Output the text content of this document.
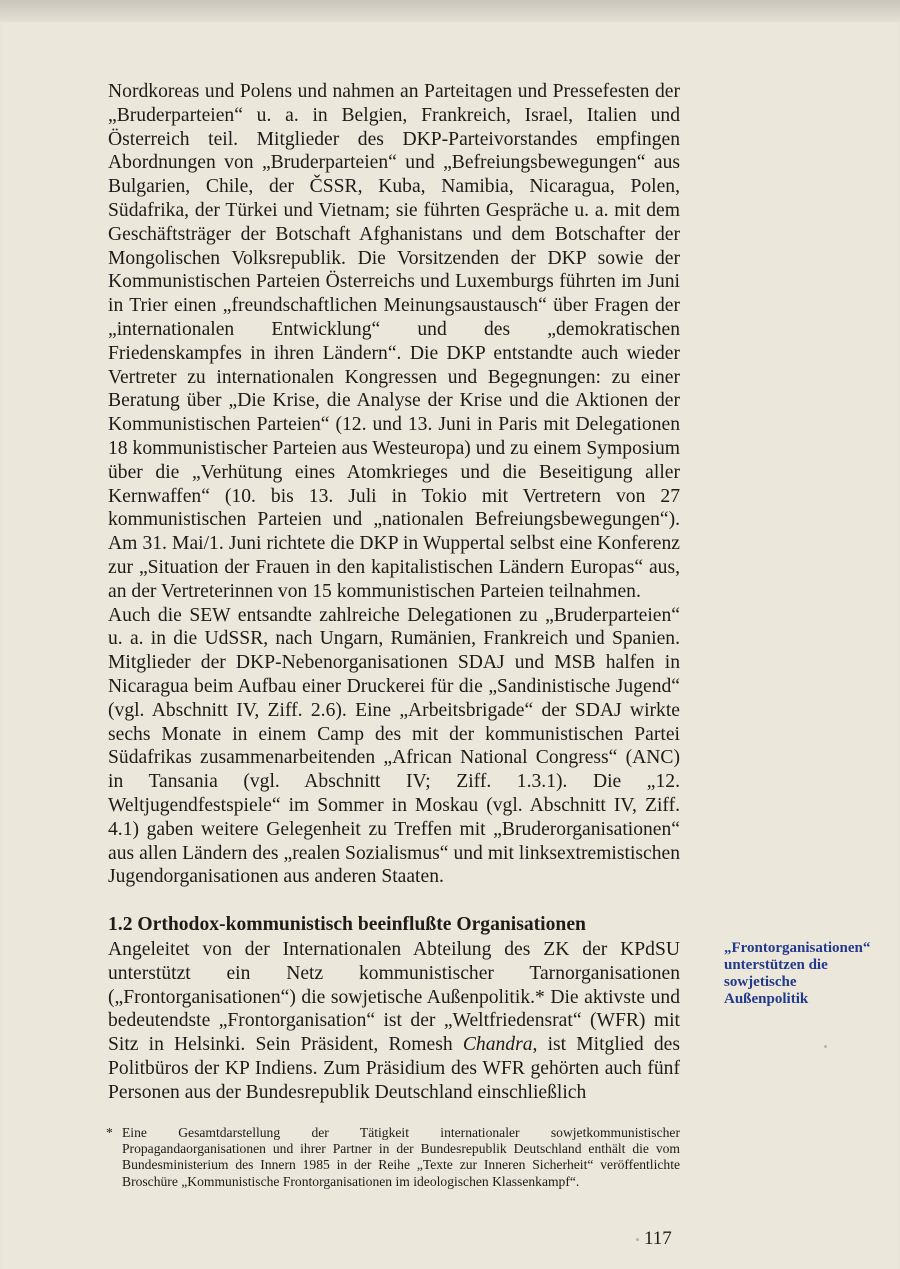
Nordkoreas und Polens und nahmen an Parteitagen und Pressefesten der „Bruderparteien“ u. a. in Belgien, Frankreich, Israel, Italien und Österreich teil. Mitglieder des DKP-Parteivorstandes empfingen Abordnungen von „Bruderparteien“ und „Befreiungsbewegungen“ aus Bulgarien, Chile, der ČSSR, Kuba, Namibia, Nicaragua, Polen, Südafrika, der Türkei und Vietnam; sie führten Gespräche u. a. mit dem Geschäftsträger der Botschaft Afghanistans und dem Botschafter der Mongolischen Volksrepublik. Die Vorsitzenden der DKP sowie der Kommunistischen Parteien Österreichs und Luxemburgs führten im Juni in Trier einen „freundschaftlichen Meinungsaustausch“ über Fragen der „internationalen Entwicklung“ und des „demokratischen Friedenskampfes in ihren Ländern“. Die DKP entstandte auch wieder Vertreter zu internationalen Kongressen und Begegnungen: zu einer Beratung über „Die Krise, die Analyse der Krise und die Aktionen der Kommunistischen Parteien“ (12. und 13. Juni in Paris mit Delegationen 18 kommunistischer Parteien aus Westeuropa) und zu einem Symposium über die „Verhütung eines Atomkrieges und die Beseitigung aller Kernwaffen“ (10. bis 13. Juli in Tokio mit Vertretern von 27 kommunistischen Parteien und „nationalen Befreiungsbewegungen“). Am 31. Mai/1. Juni richtete die DKP in Wuppertal selbst eine Konferenz zur „Situation der Frauen in den kapitalistischen Ländern Europas“ aus, an der Vertreterinnen von 15 kommunistischen Parteien teilnahmen.

Auch die SEW entsandte zahlreiche Delegationen zu „Bruderparteien“ u. a. in die UdSSR, nach Ungarn, Rumänien, Frankreich und Spanien. Mitglieder der DKP-Nebenorganisationen SDAJ und MSB halfen in Nicaragua beim Aufbau einer Druckerei für die „Sandinistische Jugend“ (vgl. Abschnitt IV, Ziff. 2.6). Eine „Arbeitsbrigade“ der SDAJ wirkte sechs Monate in einem Camp des mit der kommunistischen Partei Südafrikas zusammenarbeitenden „African National Congress“ (ANC) in Tansania (vgl. Abschnitt IV; Ziff. 1.3.1). Die „12. Weltjugendfestspiele“ im Sommer in Moskau (vgl. Abschnitt IV, Ziff. 4.1) gaben weitere Gelegenheit zu Treffen mit „Bruderorganisationen“ aus allen Ländern des „realen Sozialismus“ und mit linksextremistischen Jugendorganisationen aus anderen Staaten.

1.2 Orthodox-kommunistisch beeinflußte Organisationen

Angeleitet von der Internationalen Abteilung des ZK der KPdSU unterstützt ein Netz kommunistischer Tarnorganisationen („Frontorganisationen“) die sowjetische Außenpolitik.* Die aktivste und bedeutendste „Frontorganisation“ ist der „Weltfriedensrat“ (WFR) mit Sitz in Helsinki. Sein Präsident, Romesh Chandra, ist Mitglied des Politbüros der KP Indiens. Zum Präsidium des WFR gehörten auch fünf Personen aus der Bundesrepublik Deutschland einschließlich

„Frontorganisationen“ unterstützen die sowjetische Außenpolitik
* Eine Gesamtdarstellung der Tätigkeit internationaler sowjetkommunistischer Propagandaorganisationen und ihrer Partner in der Bundesrepublik Deutschland enthält die vom Bundesministerium des Innern 1985 in der Reihe „Texte zur Inneren Sicherheit“ veröffentlichte Broschüre „Kommunistische Frontorganisationen im ideologischen Klassenkampf“.
117
